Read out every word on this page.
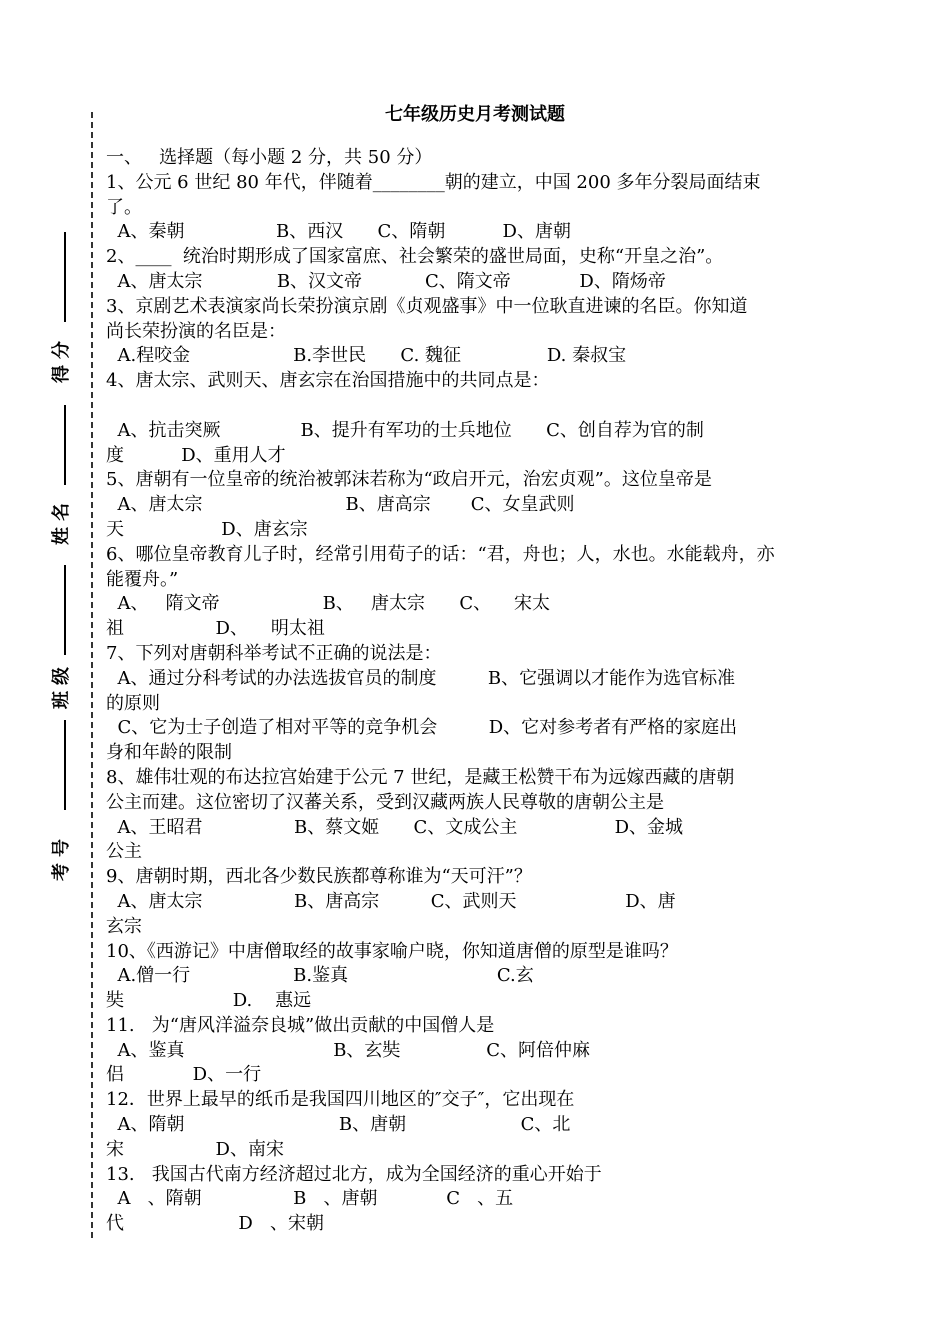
得分
姓名
班级
考号
七年级历史月考测试题
一、   选择题（每小题 2 分，共 50 分）
1、公元 6 世纪 80 年代，伴随着________朝的建立，中国 200 多年分裂局面结束
了。
A、秦朝                B、西汉      C、隋朝          D、唐朝
2、____  统治时期形成了国家富庶、社会繁荣的盛世局面，史称“开皇之治”。
A、唐太宗             B、汉文帝           C、隋文帝            D、隋炀帝
3、京剧艺术表演家尚长荣扮演京剧《贞观盛事》中一位耿直进谏的名臣。你知道
尚长荣扮演的名臣是：
A.程咬金                  B.李世民      C. 魏征               D. 秦叔宝
4、唐太宗、武则天、唐玄宗在治国措施中的共同点是：
A、抗击突厥              B、提升有军功的士兵地位      C、创自荐为官的制
度          D、重用人才
5、唐朝有一位皇帝的统治被郭沫若称为“政启开元，治宏贞观”。这位皇帝是
A、唐太宗                         B、唐高宗       C、女皇武则
天                 D、唐玄宗
6、哪位皇帝教育儿子时，经常引用荀子的话：“君，舟也；人，水也。水能载舟，亦
能覆舟。”
A、   隋文帝                  B、   唐太宗      C、    宋太
祖                D、    明太祖
7、下列对唐朝科举考试不正确的说法是：
A、通过分科考试的办法选拔官员的制度         B、它强调以才能作为选官标准
的原则
C、它为士子创造了相对平等的竞争机会         D、它对参考者有严格的家庭出
身和年龄的限制
8、雄伟壮观的布达拉宫始建于公元 7 世纪，是藏王松赞干布为远嫁西藏的唐朝
公主而建。这位密切了汉蕃关系，受到汉藏两族人民尊敬的唐朝公主是
A、王昭君                B、蔡文姬      C、文成公主                 D、金城
公主
9、唐朝时期，西北各少数民族都尊称谁为“天可汗”？
A、唐太宗                B、唐高宗         C、武则天                   D、唐
玄宗
10、《西游记》中唐僧取经的故事家喻户晓，你知道唐僧的原型是谁吗？
A.僧一行                  B.鉴真                          C.玄
奘                   D.    惠远
11.   为“唐风洋溢奈良城”做出贡献的中国僧人是
A、鉴真                          B、玄奘               C、阿倍仲麻
侣            D、一行
12．世界上最早的纸币是我国四川地区的″交子″，它出现在
A、隋朝                           B、唐朝                    C、北
宋                D、南宋
13.   我国古代南方经济超过北方，成为全国经济的重心开始于
A   、隋朝                B   、唐朝            C   、五
代                    D   、宋朝
